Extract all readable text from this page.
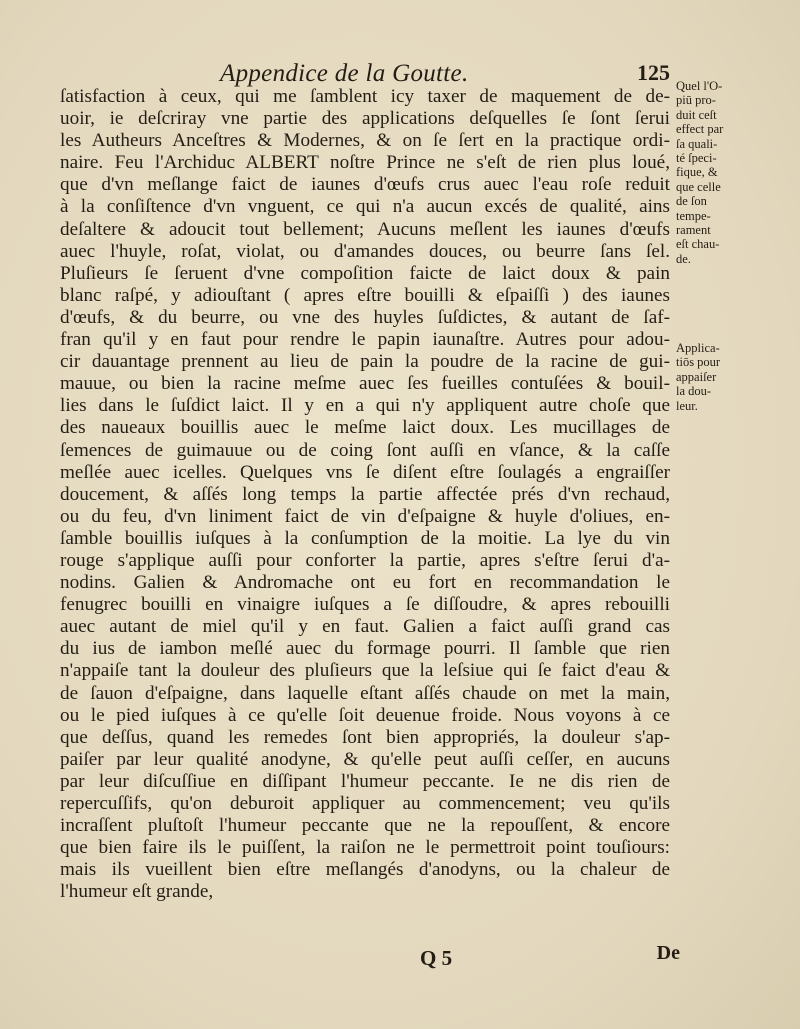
Appendice de la Goutte.	125
ſatisfaction à ceux, qui me ſamblent icy taxer de maquement de de-
uoir, ie deſcriray vne partie des applications deſquelles ſe ſont ſerui
les Autheurs Anceſtres & Modernes, & on ſe ſert en la practique ordi-
naire. Feu l'Archiduc ALBERT noſtre Prince ne s'eſt de rien plus loué,
que d'vn meſlange faict de iaunes d'œufs crus auec l'eau roſe reduit
à la conſiſtence d'vn vnguent, ce qui n'a aucun excés de qualité, ains
deſaltere & adoucit tout bellement; Aucuns meſlent les iaunes d'œufs
auec l'huyle, roſat, violat, ou d'amandes douces, ou beurre ſans ſel.
Pluſieurs ſe ſeruent d'vne compoſition faicte de laict doux & pain
blanc raſpé, y adiouſtant ( apres eſtre bouilli & eſpaiſſi ) des iaunes
d'œufs, & du beurre, ou vne des huyles ſuſdictes, & autant de ſaf-
fran qu'il y en faut pour rendre le papin iaunaſtre. Autres pour adou-
cir dauantage prennent au lieu de pain la poudre de la racine de gui-
mauue, ou bien la racine meſme auec ſes fueilles contuſées & bouil-
lies dans le ſuſdict laict. Il y en a qui n'y appliquent autre choſe que
des naueaux bouillis auec le meſme laict doux. Les mucillages de
ſemences de guimauue ou de coing ſont auſſi en vſance, & la caſſe
meſlée auec icelles. Quelques vns ſe diſent eſtre ſoulagés a engraiſſer
doucement, & aſſés long temps la partie affectée prés d'vn rechaud,
ou du feu, d'vn liniment faict de vin d'eſpaigne & huyle d'oliues, en-
ſamble bouillis iuſques à la conſumption de la moitie. La lye du vin
rouge s'applique auſſi pour conforter la partie, apres s'eſtre ſerui d'a-
nodins. Galien & Andromache ont eu fort en recommandation le
fenugrec bouilli en vinaigre iuſques a ſe diſſoudre, & apres rebouilli
auec autant de miel qu'il y en faut. Galien a faict auſſi grand cas
du ius de iambon meſlé auec du formage pourri. Il ſamble que rien
n'appaiſe tant la douleur des pluſieurs que la leſsiue qui ſe faict d'eau &
de ſauon d'eſpaigne, dans laquelle eſtant aſſés chaude on met la main,
ou le pied iuſques à ce qu'elle ſoit deuenue froide. Nous voyons à ce
que deſſus, quand les remedes ſont bien appropriés, la douleur s'ap-
paiſer par leur qualité anodyne, & qu'elle peut auſſi ceſſer, en aucuns
par leur diſcuſſiue en diſſipant l'humeur peccante. Ie ne dis rien de
repercuſſifs, qu'on deburoit appliquer au commencement; veu qu'ils
incraſſent pluſtoſt l'humeur peccante que ne la repouſſent, & encore
que bien faire ils le puiſſent, la raiſon ne le permettroit point touſiours:
mais ils vueillent bien eſtre meſlangés d'anodyns, ou la chaleur de
l'humeur eſt grande,
Quel l'O-
piū pro-
duit ceſt
effect par
ſa quali-
té ſpeci-
fique, &
que celle
de ſon
tempe-
rament
eſt chau-
de.
Applica-
tiōs pour
appaiſer
la dou-
leur.
Q 5	De
